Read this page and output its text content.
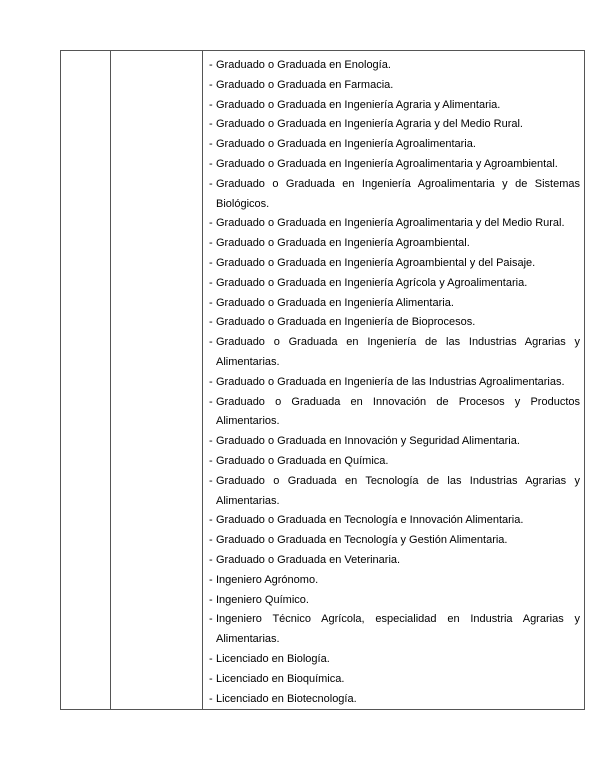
- Graduado o Graduada en Enología.
- Graduado o Graduada en Farmacia.
- Graduado o Graduada en Ingeniería Agraria y Alimentaria.
- Graduado o Graduada en Ingeniería Agraria y del Medio Rural.
- Graduado o Graduada en Ingeniería Agroalimentaria.
- Graduado o Graduada en Ingeniería Agroalimentaria y Agroambiental.
- Graduado o Graduada en Ingeniería Agroalimentaria y de Sistemas Biológicos.
- Graduado o Graduada en Ingeniería Agroalimentaria y del Medio Rural.
- Graduado o Graduada en Ingeniería Agroambiental.
- Graduado o Graduada en Ingeniería Agroambiental y del Paisaje.
- Graduado o Graduada en Ingeniería Agrícola y Agroalimentaria.
- Graduado o Graduada en Ingeniería Alimentaria.
- Graduado o Graduada en Ingeniería de Bioprocesos.
- Graduado o Graduada en Ingeniería de las Industrias Agrarias y Alimentarias.
- Graduado o Graduada en Ingeniería de las Industrias Agroalimentarias.
- Graduado o Graduada en Innovación de Procesos y Productos Alimentarios.
- Graduado o Graduada en Innovación y Seguridad Alimentaria.
- Graduado o Graduada en Química.
- Graduado o Graduada en Tecnología de las Industrias Agrarias y Alimentarias.
- Graduado o Graduada en Tecnología e Innovación Alimentaria.
- Graduado o Graduada en Tecnología y Gestión Alimentaria.
- Graduado o Graduada en Veterinaria.
- Ingeniero Agrónomo.
- Ingeniero Químico.
- Ingeniero Técnico Agrícola, especialidad en Industria Agrarias y Alimentarias.
- Licenciado en Biología.
- Licenciado en Bioquímica.
- Licenciado en Biotecnología.
